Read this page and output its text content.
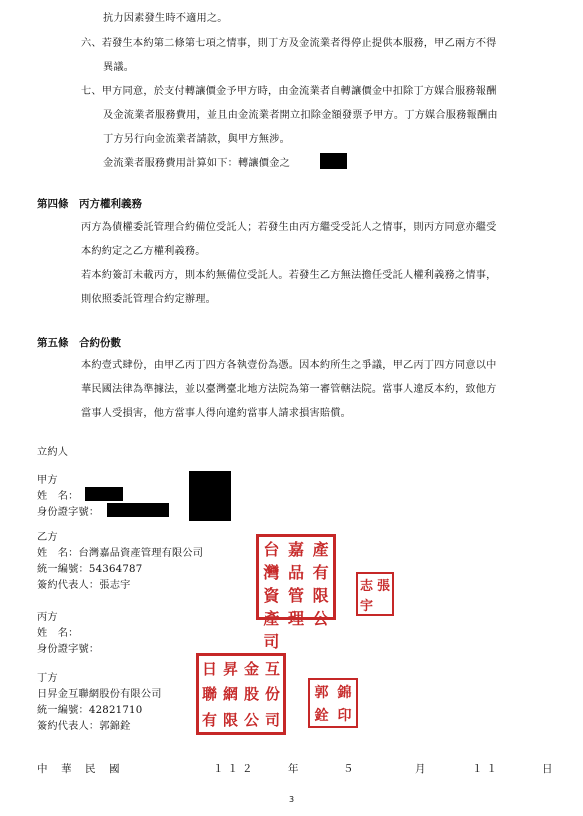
抗力因素發生時不適用之。
六、若發生本約第二條第七項之情事，則丁方及金流業者得停止提供本服務，甲乙兩方不得
異議。
七、甲方同意，於支付轉讓價金予甲方時，由金流業者自轉讓價金中扣除丁方媒合服務報酬
及金流業者服務費用，並且由金流業者開立扣除金額發票予甲方。丁方媒合服務報酬由
丁方另行向金流業者請款，與甲方無涉。
金流業者服務費用計算如下：轉讓價金之
第四條　丙方權利義務
丙方為債權委託管理合約備位受託人；若發生由丙方繼受受託人之情事，則丙方同意亦繼受
本約約定之乙方權利義務。
若本約簽訂未載丙方，則本約無備位受託人。若發生乙方無法擔任受託人權利義務之情事，
則依照委託管理合約定辦理。
第五條　合約份數
本約壹式肆份，由甲乙丙丁四方各執壹份為憑。因本約所生之爭議，甲乙丙丁四方同意以中
華民國法律為準據法，並以臺灣臺北地方法院為第一審管轄法院。當事人違反本約，致他方
當事人受損害，他方當事人得向違約當事人請求損害賠償。
立約人
甲方
姓　名：
身份證字號：
乙方
姓　名：台灣嘉品資產管理有限公司
統一編號：54364787
簽約代表人：張志宇
台 嘉 產
灣 品 有
資 管 限
產 理 公
司
志 張
宇
丙方
姓　名：
身份證字號：
丁方
日昇金互聯網股份有限公司
統一編號：42821710
簽約代表人：郭錦銓
日 昇 金 互
聯 網 股 份
有 限 公 司
郭 錦
銓 印
中 華 民 國	１１２	年	５	月	１１	日
3
